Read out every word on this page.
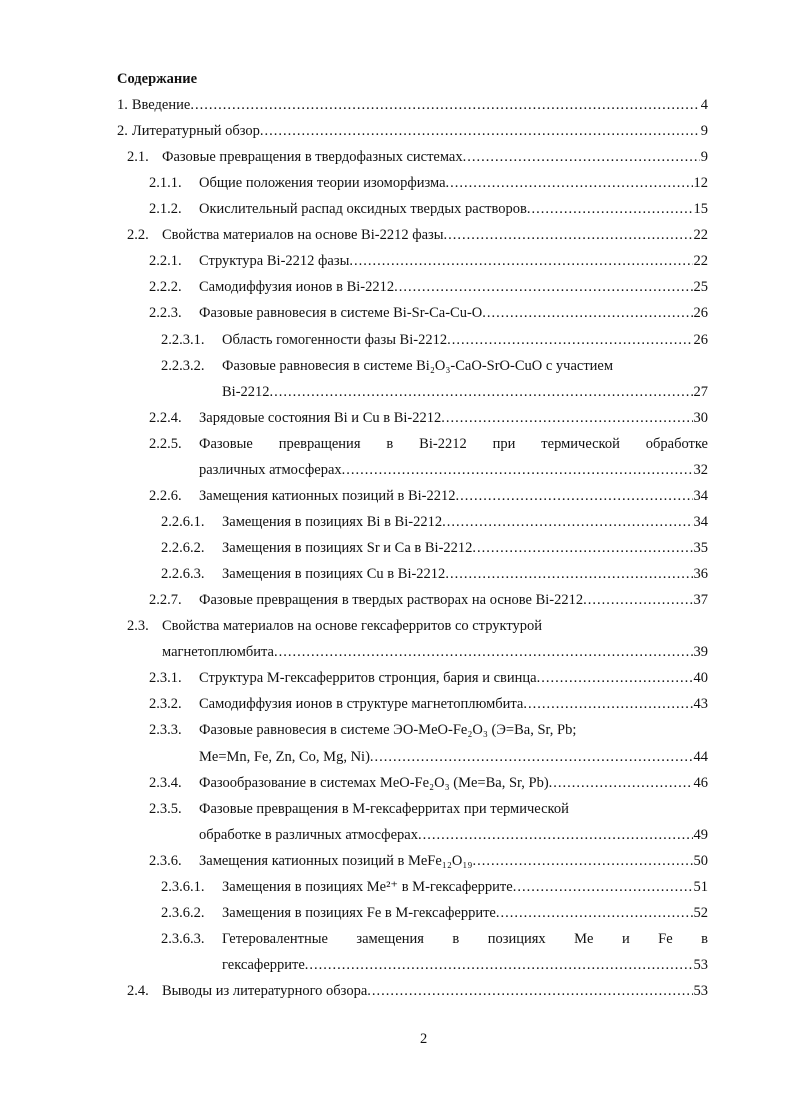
Содержание
1. Введение .....	4
2. Литературный обзор .....	9
2.1. Фазовые превращения в твердофазных системах .....	9
2.1.1.	Общие положения теории изоморфизма .....	12
2.1.2.	Окислительный распад оксидных твердых растворов .....	15
2.2. Свойства материалов на основе Bi-2212 фазы .....	22
2.2.1.	Структура Bi-2212 фазы .....	22
2.2.2.	Самодиффузия ионов в Bi-2212 .....	25
2.2.3.	Фазовые равновесия в системе Bi-Sr-Ca-Cu-O .....	26
2.2.3.1.	Область гомогенности фазы Bi-2212 .....	26
2.2.3.2.	Фазовые равновесия в системе Bi₂O₃-CaO-SrO-CuO с участием
Bi-2212 .....	27
2.2.4.	Зарядовые состояния Bi и Cu в Bi-2212 .....	30
2.2.5.	Фазовые превращения в Bi-2212 при термической обработке
различных атмосферах .....	32
2.2.6.	Замещения катионных позиций в Bi-2212 .....	34
2.2.6.1.	Замещения в позициях Bi в Bi-2212 .....	34
2.2.6.2.	Замещения в позициях Sr и Ca в Bi-2212 .....	35
2.2.6.3.	Замещения в позициях Cu в Bi-2212 .....	36
2.2.7.	Фазовые превращения в твердых растворах на основе Bi-2212 .....	37
2.3. Свойства материалов на основе гексаферритов со структурой
магнетоплюмбита .....	39
2.3.1.	Структура M-гексаферритов стронция, бария и свинца .....	40
2.3.2.	Самодиффузия ионов в структуре магнетоплюмбита .....	43
2.3.3.	Фазовые равновесия в системе ЭО-MeO-Fe₂O₃ (Э=Ba, Sr, Pb;
Me=Mn, Fe, Zn, Co, Mg, Ni) .....	44
2.3.4.	Фазообразование в системах MeO-Fe₂O₃ (Me=Ba, Sr, Pb) .....	46
2.3.5.	Фазовые превращения в M-гексаферритах при термической
обработке в различных атмосферах .....	49
2.3.6.	Замещения катионных позиций в MeFe₁₂O₁₉ .....	50
2.3.6.1.	Замещения в позициях Me²⁺ в M-гексаферрите .....	51
2.3.6.2.	Замещения в позициях Fe в M-гексаферрите .....	52
2.3.6.3.	Гетеровалентные замещения в позициях Me и Fe в
гексаферрите .....	53
2.4. Выводы из литературного обзора .....	53
2
